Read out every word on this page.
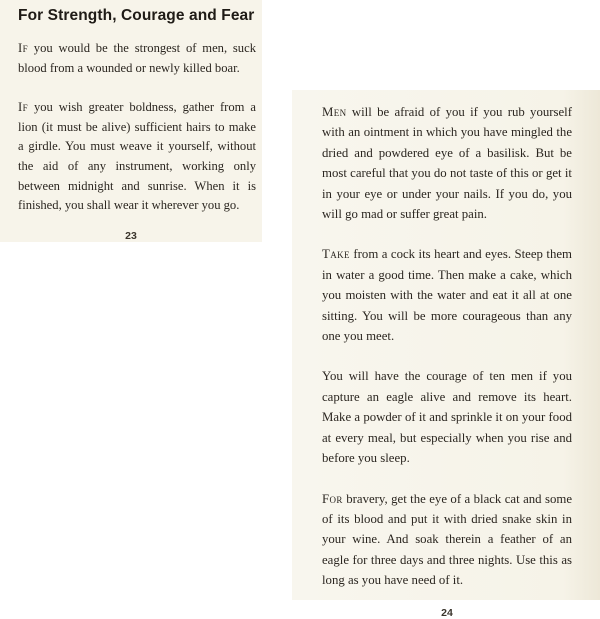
For Strength, Courage and Fear

If you would be the strongest of men, suck blood from a wounded or newly killed boar.

If you wish greater boldness, gather from a lion (it must be alive) sufficient hairs to make a girdle. You must weave it yourself, without the aid of any instrument, working only between midnight and sunrise. When it is finished, you shall wear it wherever you go.

23

Men will be afraid of you if you rub yourself with an ointment in which you have mingled the dried and powdered eye of a basilisk. But be most careful that you do not taste of this or get it in your eye or under your nails. If you do, you will go mad or suffer great pain.

Take from a cock its heart and eyes. Steep them in water a good time. Then make a cake, which you moisten with the water and eat it all at one sitting. You will be more courageous than any one you meet.

You will have the courage of ten men if you capture an eagle alive and remove its heart. Make a powder of it and sprinkle it on your food at every meal, but especially when you rise and before you sleep.

For bravery, get the eye of a black cat and some of its blood and put it with dried snake skin in your wine. And soak therein a feather of an eagle for three days and three nights. Use this as long as you have need of it.

24
